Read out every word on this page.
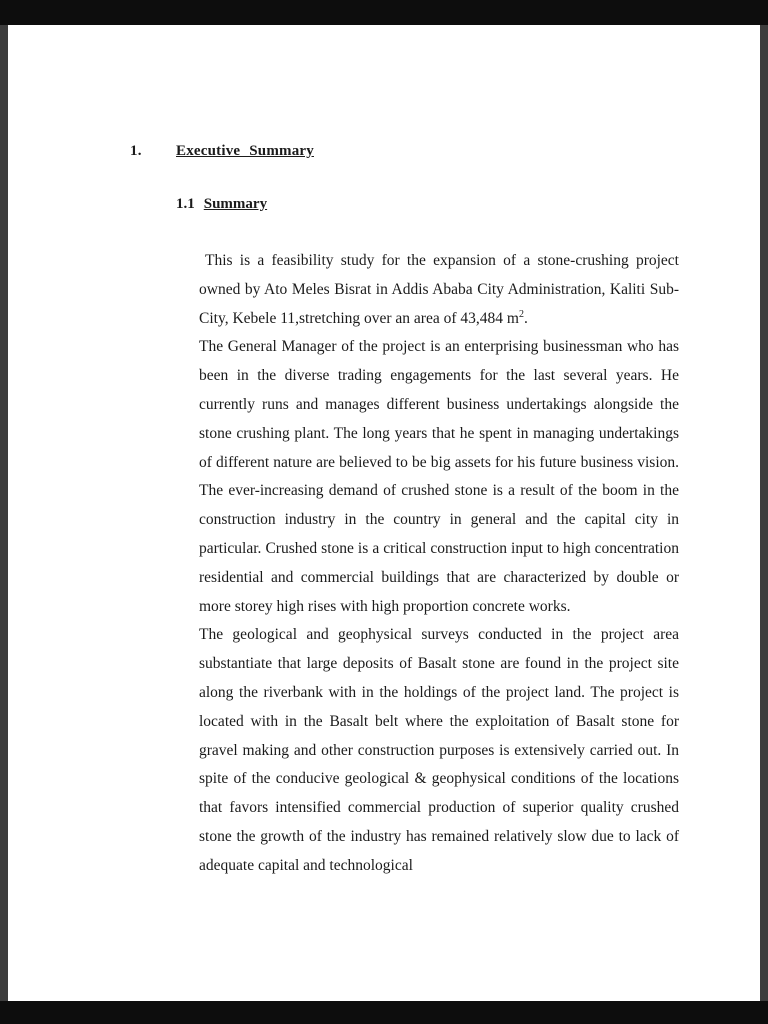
1. Executive Summary
1.1 Summary

This is a feasibility study for the expansion of a stone-crushing project owned by Ato Meles Bisrat in Addis Ababa City Administration, Kaliti Sub-City, Kebele 11,stretching over an area of 43,484 $m^2$.

The General Manager of the project is an enterprising businessman who has been in the diverse trading engagements for the last several years. He currently runs and manages different business undertakings alongside the stone crushing plant. The long years that he spent in managing undertakings of different nature are believed to be big assets for his future business vision. The ever-increasing demand of crushed stone is a result of the boom in the construction industry in the country in general and the capital city in particular. Crushed stone is a critical construction input to high concentration residential and commercial buildings that are characterized by double or more storey high rises with high proportion concrete works.

The geological and geophysical surveys conducted in the project area substantiate that large deposits of Basalt stone are found in the project site along the riverbank with in the holdings of the project land. The project is located with in the Basalt belt where the exploitation of Basalt stone for gravel making and other construction purposes is extensively carried out. In spite of the conducive geological & geophysical conditions of the locations that favors intensified commercial production of superior quality crushed stone the growth of the industry has remained relatively slow due to lack of adequate capital and technological
